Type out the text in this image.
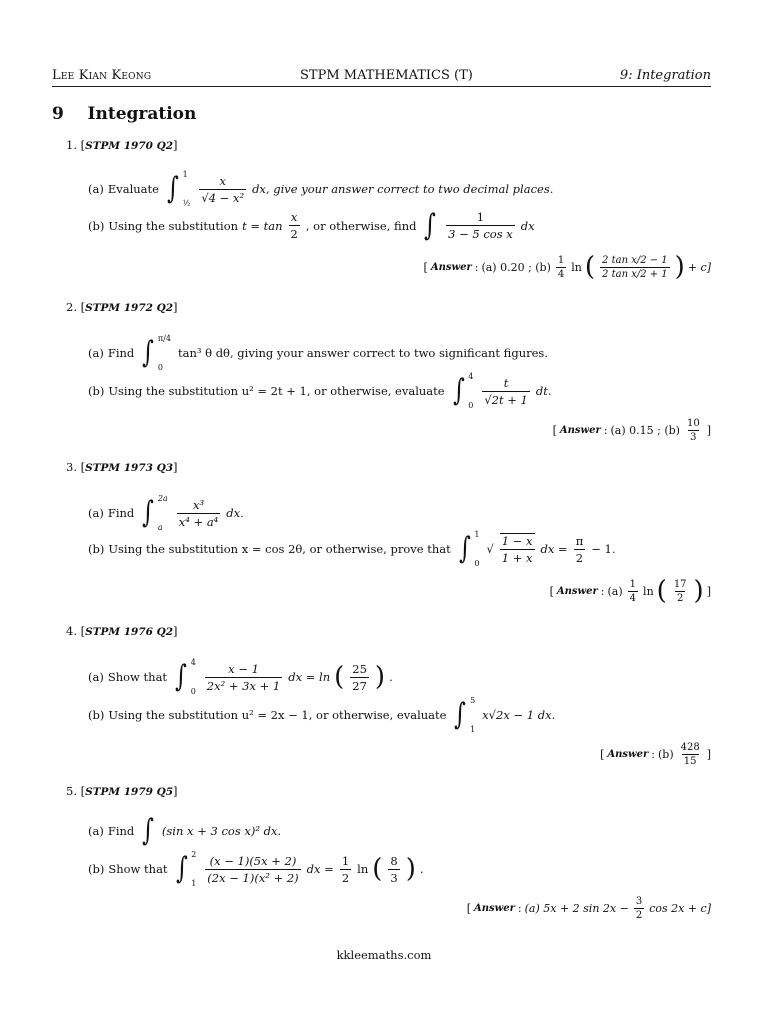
Lee Kian Keong	STPM MATHEMATICS (T)	9: Integration
9 Integration
1. [STPM 1970 Q2]
(a) Evaluate ∫ 1
½ $\frac{x}{\text{√4 − x²}}$ dx, give your answer correct to two decimal places.
(b) Using the substitution $t = \tan \frac{x}{2}$ , or otherwise, find ∫ $\frac{1}{\text{3 − 5 cos x}}$ dx
[ Answer : (a) 0.20 ; $(b) \frac{1}{4}$ ln ( $\frac{\text{2 tan x/2 − 1}}{\text{2 tan x/2 + 1}}$ ) + c]
2. [STPM 1972 Q2]
(a) Find ∫ π/4
0
tan³ θ dθ, giving your answer correct to two significant figures.
(b) Using the substitution u² = 2t + 1, or otherwise, evaluate ∫ 4
$0 \frac{t}{√2t + 1}$ dt.
[ Answer : (a) 0.15 ; $(b) \frac{10}{3}$ ]
3. [STPM 1973 Q3]
(a) Find ∫ 2a
a	$\frac{\text{x³}}{\text{x⁴ + a⁴}}$ dx.
(b) Using the substitution x = cos 2θ, or otherwise, prove that ∫ 1
0
√ $\frac{1 - x}{1 + x}$ dx = $\frac{\pi}{2} - 1$.
[ Answer : $(a) \frac{1}{4}$ ln ( $\frac{17}{2}$ ) ]
4. [STPM 1976 Q2]
(a) Show that ∫ 4
$0 \frac{x - 1}{\text{2x² + 3x + 1}}$ dx = ln ( $\frac{25}{27}$ ) .
(b) Using the substitution u² = 2x − 1, or otherwise, evaluate ∫ 5
1
x√2x − 1 dx.
[ Answer : $(b) \frac{428}{15}$ ]
5. [STPM 1979 Q5]
(a) Find ∫ (sin x + 3 cos x)² dx.
(b) Show that ∫ 2
$1 \frac{(x - 1)(5x + 2)}{\text{(2x − 1)(x² + 2)}}$ dx = $\frac{1}{2}$ ln ( $\frac{8}{3}$ ) .
[ Answer : (a) 5x + 2 $\sin 2x - \frac{3}{2}$ cos 2x + c]
kkleemaths.com
